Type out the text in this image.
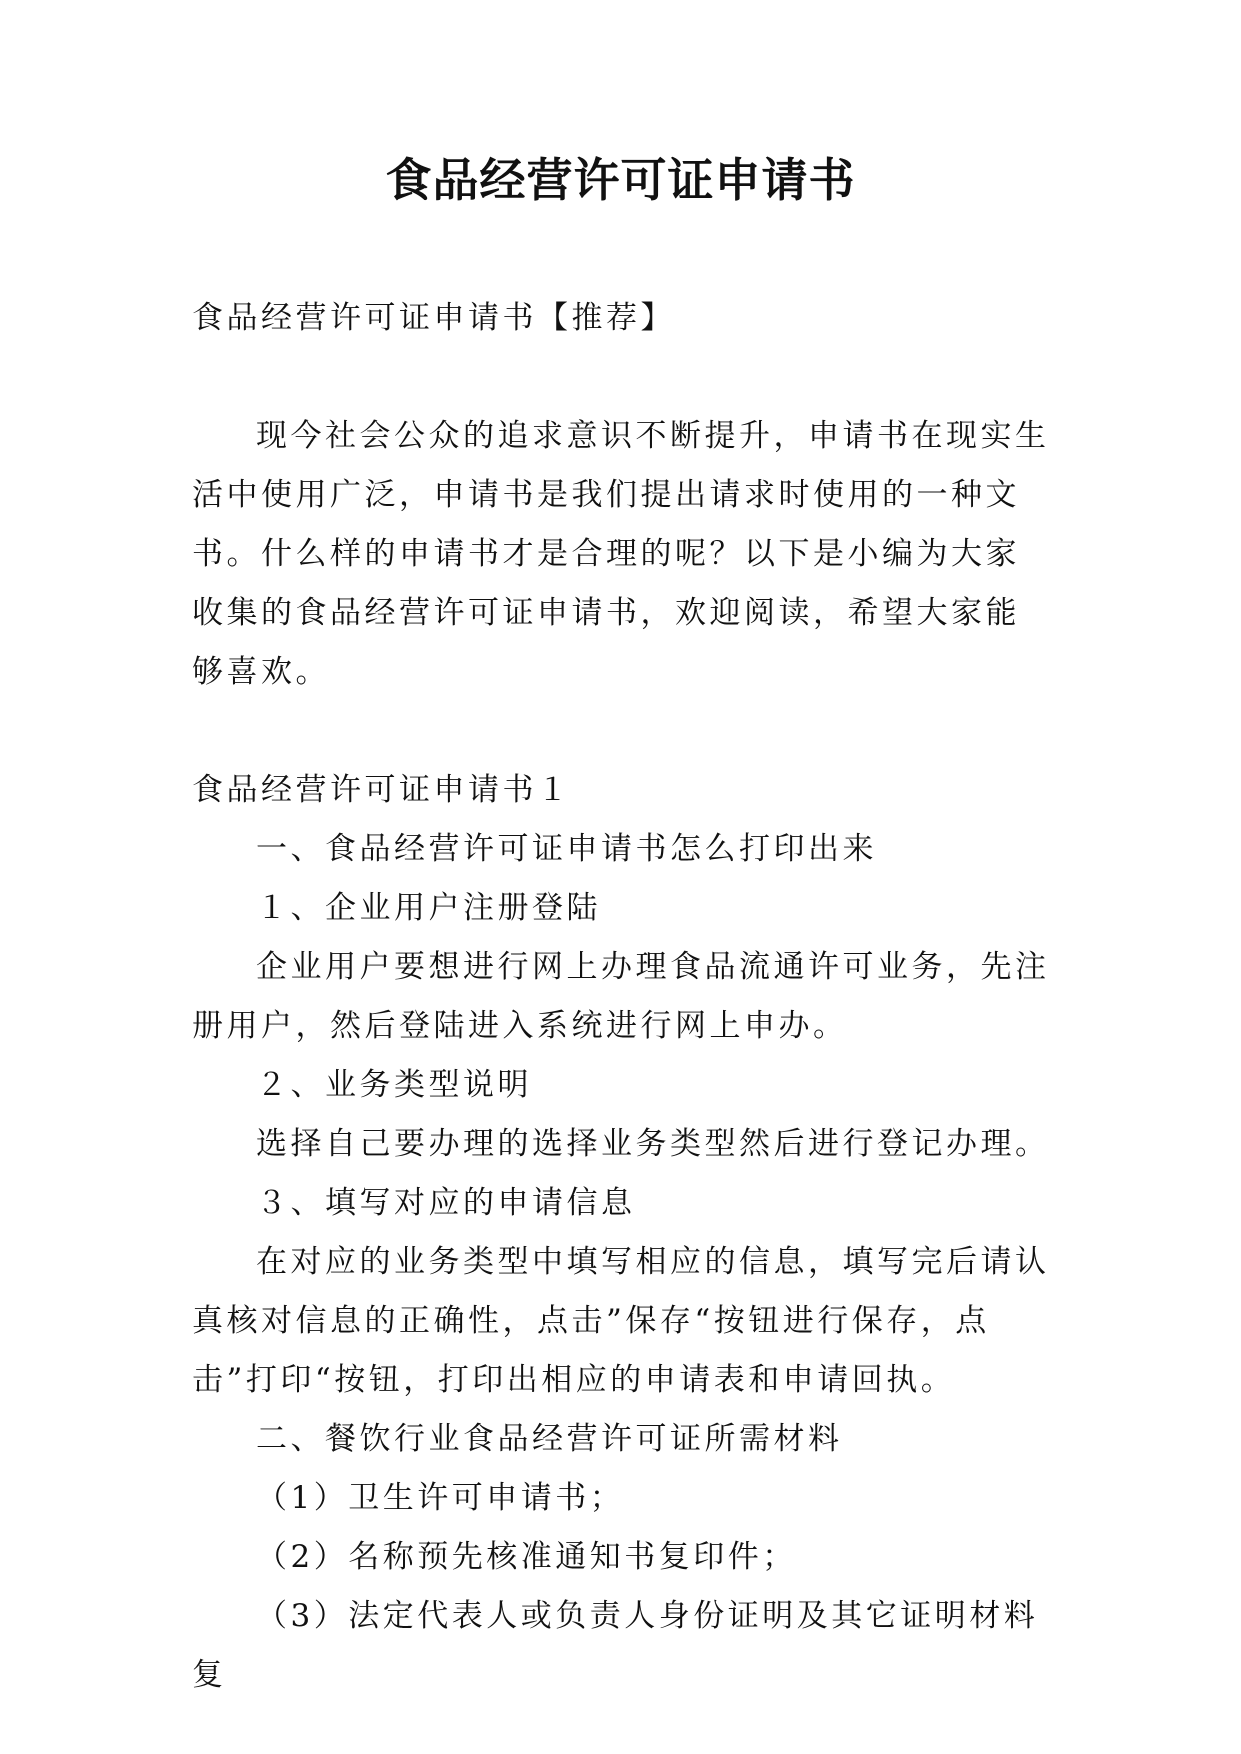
食品经营许可证申请书

食品经营许可证申请书【推荐】

现今社会公众的追求意识不断提升，申请书在现实生活中使用广泛，申请书是我们提出请求时使用的一种文书。什么样的申请书才是合理的呢？以下是小编为大家收集的食品经营许可证申请书，欢迎阅读，希望大家能够喜欢。

食品经营许可证申请书１

一、食品经营许可证申请书怎么打印出来

１、企业用户注册登陆

企业用户要想进行网上办理食品流通许可业务，先注册用户，然后登陆进入系统进行网上申办。

２、业务类型说明

选择自己要办理的选择业务类型然后进行登记办理。

３、填写对应的申请信息

在对应的业务类型中填写相应的信息，填写完后请认真核对信息的正确性，点击”保存“按钮进行保存，点击”打印“按钮，打印出相应的申请表和申请回执。

二、餐饮行业食品经营许可证所需材料

（1）卫生许可申请书；

（2）名称预先核准通知书复印件；

（3）法定代表人或负责人身份证明及其它证明材料复
